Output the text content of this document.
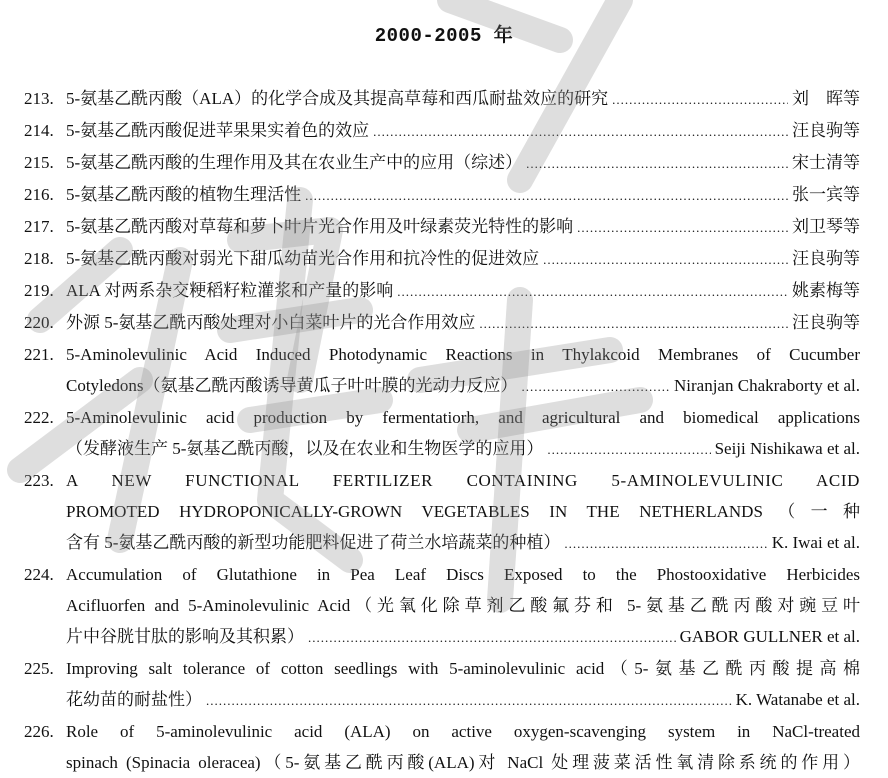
2000-2005 年
213. 5-氨基乙酰丙酸（ALA）的化学合成及其提高草莓和西瓜耐盐效应的研究 .....	刘　晖等
214. 5-氨基乙酰丙酸促进苹果果实着色的效应 .....	汪良驹等
215. 5-氨基乙酰丙酸的生理作用及其在农业生产中的应用（综述） .....	宋士清等
216. 5-氨基乙酰丙酸的植物生理活性 .....	张一宾等
217. 5-氨基乙酰丙酸对草莓和萝卜叶片光合作用及叶绿素荧光特性的影响 .....	刘卫琴等
218. 5-氨基乙酰丙酸对弱光下甜瓜幼苗光合作用和抗冷性的促进效应 .....	汪良驹等
219. ALA 对两系杂交粳稻籽粒灌浆和产量的影响 .....	姚素梅等
220. 外源 5-氨基乙酰丙酸处理对小白菜叶片的光合作用效应 .....	汪良驹等
221. 5-Aminolevulinic Acid Induced Photodynamic Reactions in Thylakcoid Membranes of Cucumber
Cotyledons（氨基乙酰丙酸诱导黄瓜子叶叶膜的光动力反应） .....	Niranjan Chakraborty et al.
222. 5-Aminolevulinic acid production by fermentatiorh, and agricultural and biomedical applications
（发酵液生产 5-氨基乙酰丙酸，以及在农业和生物医学的应用） .....	Seiji Nishikawa et al.
223. A NEW FUNCTIONAL FERTILIZER CONTAINING 5-AMINOLEVULINIC ACID
PROMOTED HYDROPONICALLY-GROWN VEGETABLES IN THE NETHERLANDS（一种
含有 5-氨基乙酰丙酸的新型功能肥料促进了荷兰水培蔬菜的种植） .....	K. Iwai et al.
224. Accumulation of Glutathione in Pea Leaf Discs Exposed to the Phostooxidative Herbicides
Acifluorfen and 5-Aminolevulinic Acid（光氧化除草剂乙酸氟芬和 5-氨基乙酰丙酸对豌豆叶
片中谷胱甘肽的影响及其积累） .....	GABOR GULLNER et al.
225. Improving salt tolerance of cotton seedlings with 5-aminolevulinic acid（5-氨基乙酰丙酸提高棉
花幼苗的耐盐性） .....	K. Watanabe et al.
226. Role of 5-aminolevulinic acid (ALA) on active oxygen-scavenging system in NaCl-treated
spinach (Spinacia oleracea)（5-氨基乙酰丙酸(ALA)对 NaCl 处理菠菜活性氧清除系统的作用）
